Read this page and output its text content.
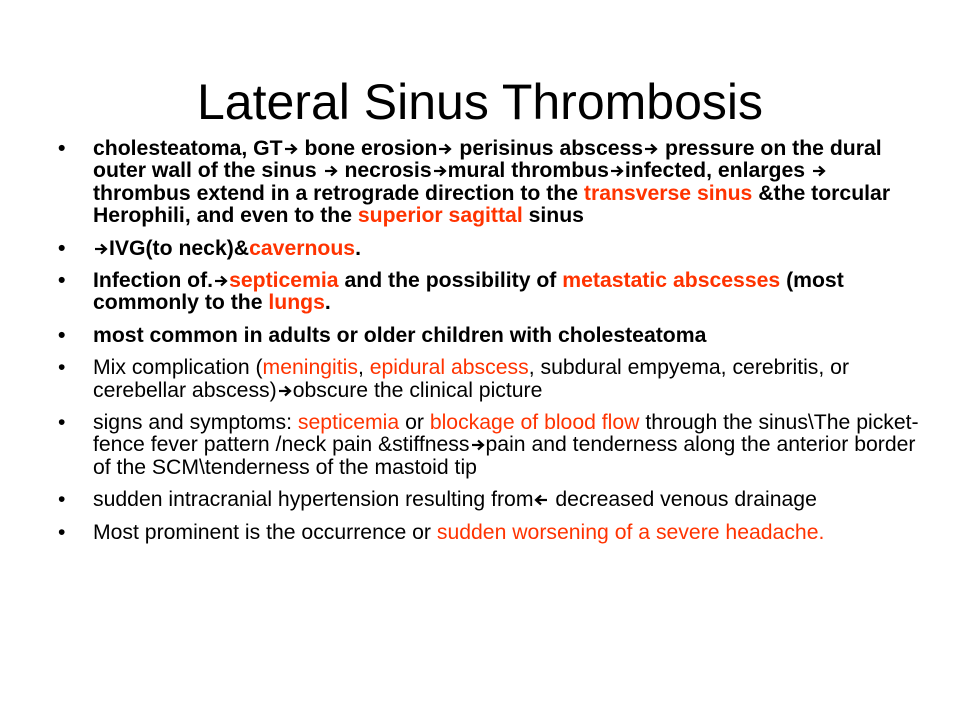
Lateral Sinus Thrombosis
• cholesteatoma, GT bone erosion perisinus abscess pressure on the dural outer wall of the sinus  necrosis mural thrombus infected, enlarges thrombus extend in a retrograde direction to the transverse sinus &the torcular Herophili, and even to the superior sagittal sinus
• IVG(to neck)&cavernous.
• Infection of. septicemia and the possibility of metastatic abscesses (most commonly to the lungs.
• most common in adults or older children with cholesteatoma
• Mix complication (meningitis, epidural abscess, subdural empyema, cerebritis, or cerebellar abscess) obscure the clinical picture
• signs and symptoms: septicemia or blockage of blood flow through the sinus\The picket-fence fever pattern /neck pain &stiffness pain and tenderness along the anterior border of the SCM\tenderness of the mastoid tip
• sudden intracranial hypertension resulting from decreased venous drainage
• Most prominent is the occurrence or sudden worsening of a severe headache.
